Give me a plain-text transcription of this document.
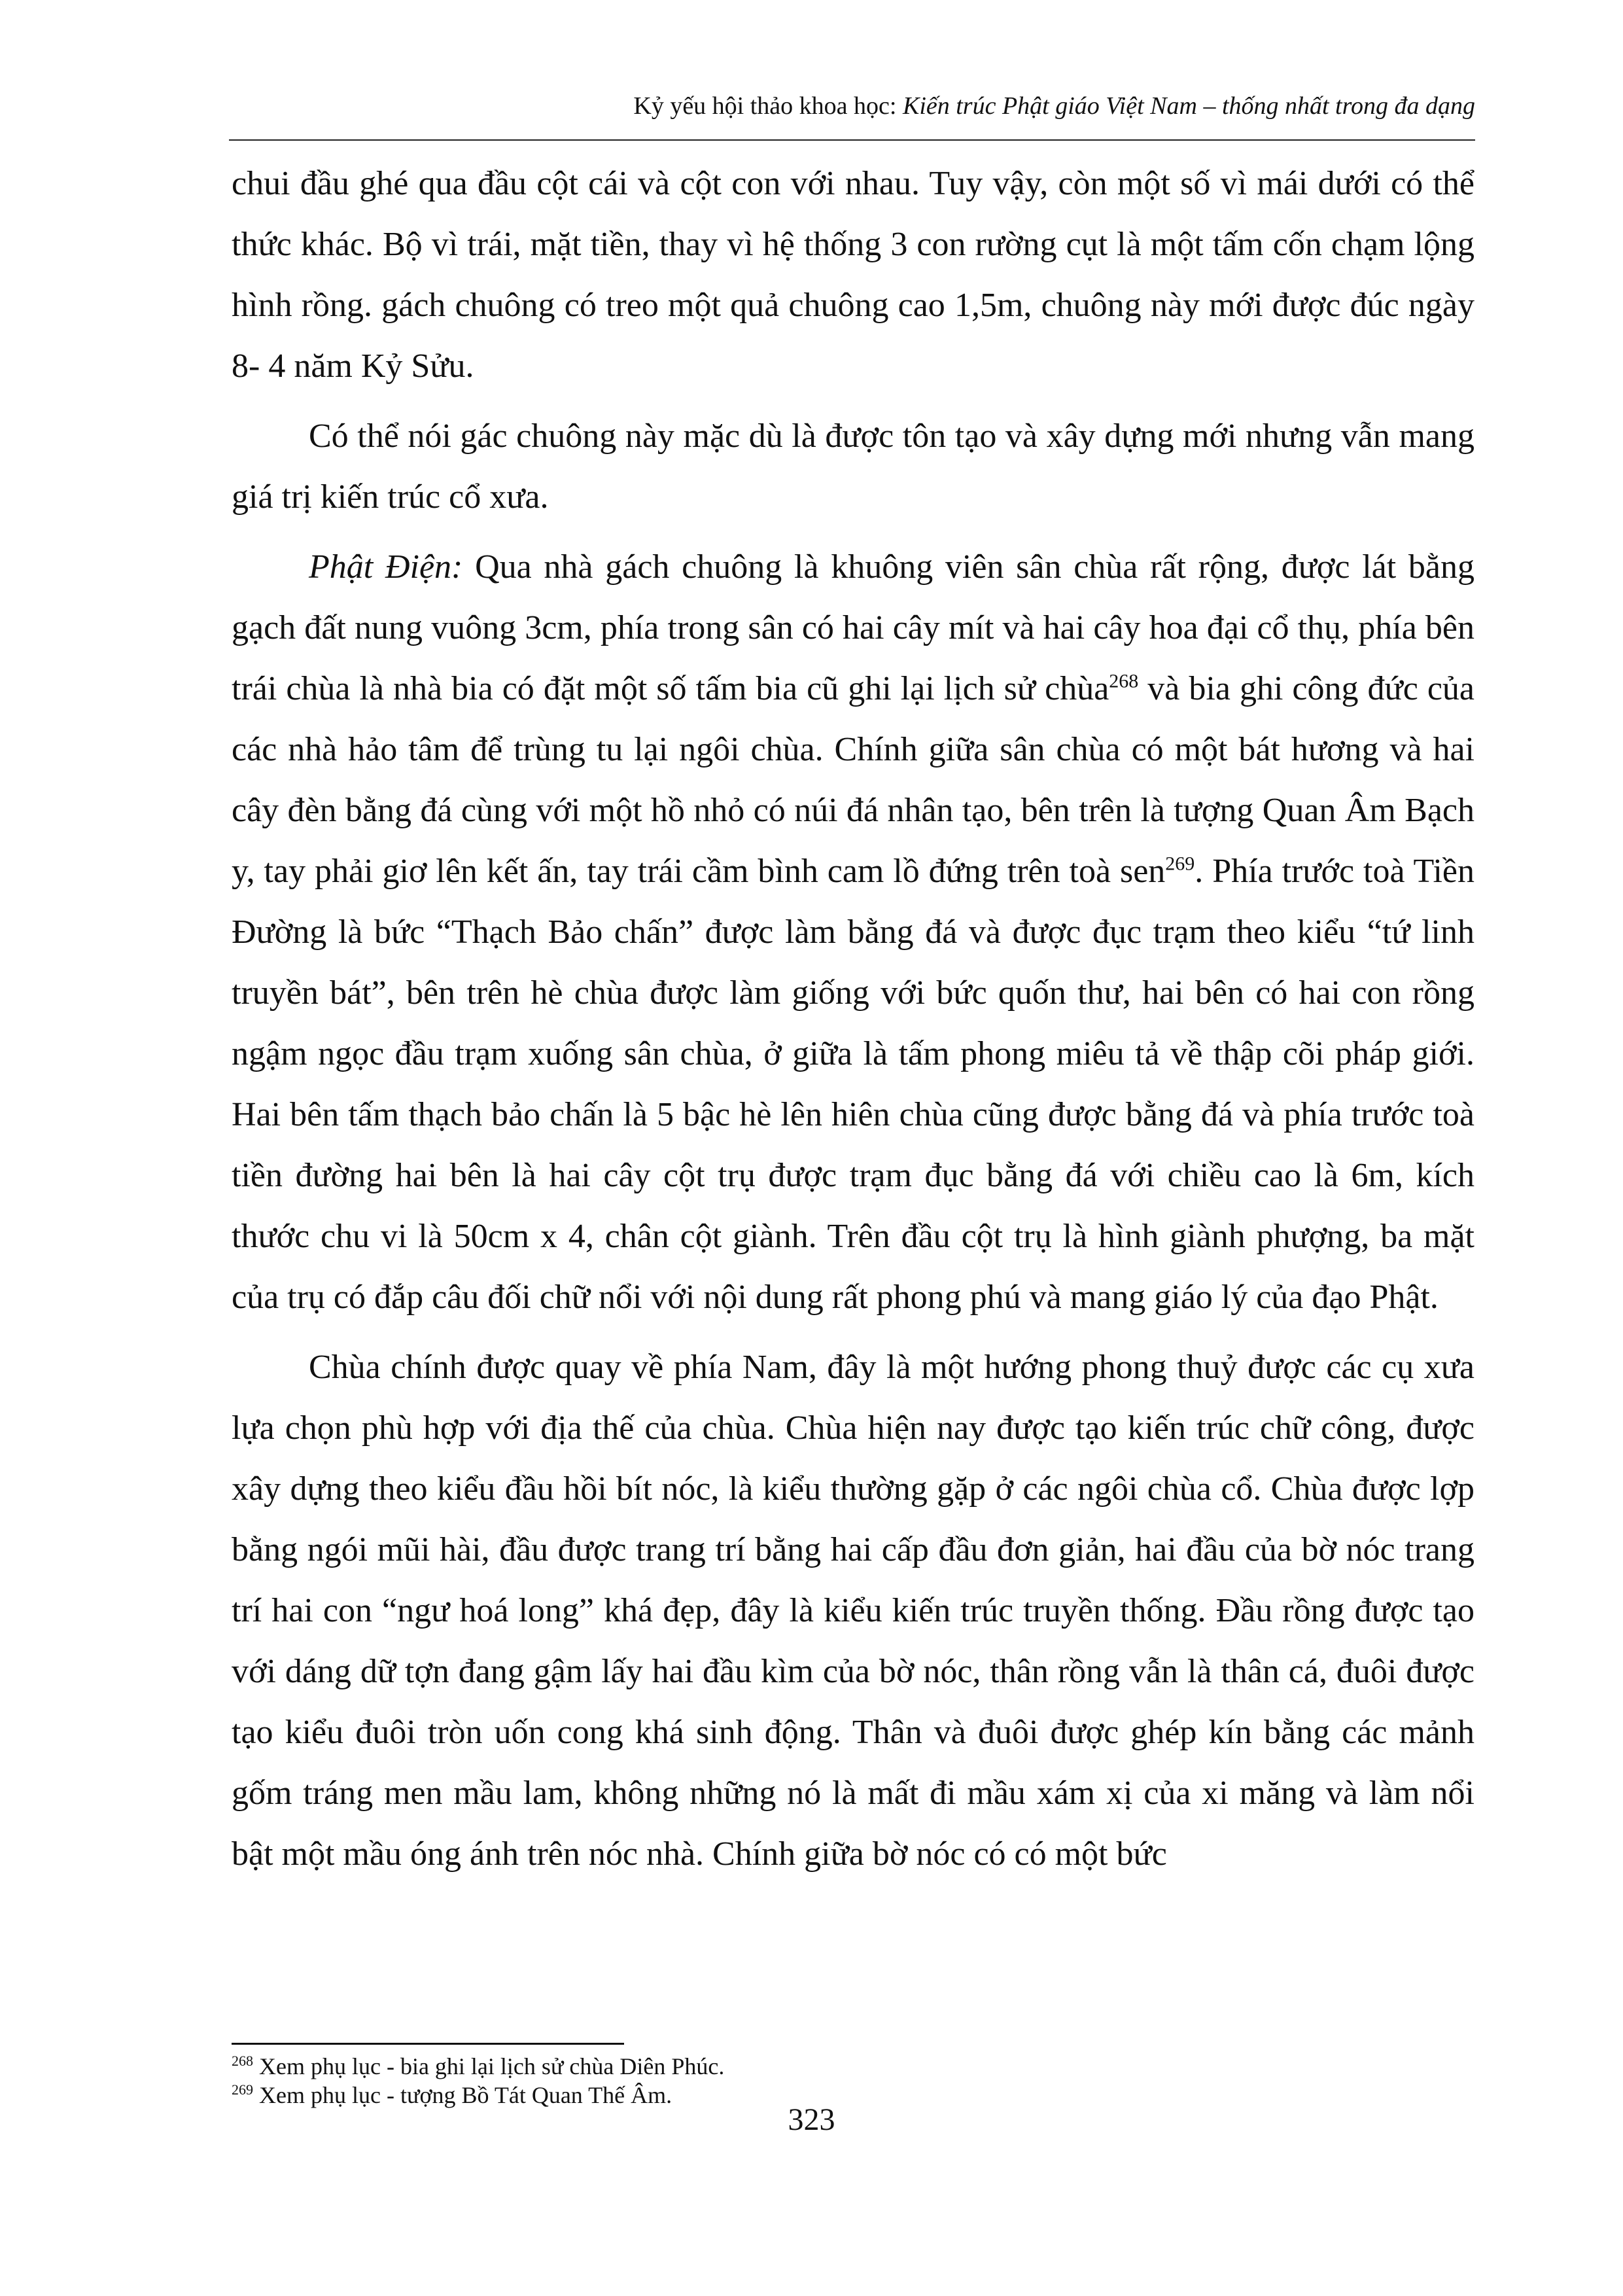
Kỷ yếu hội thảo khoa học: Kiến trúc Phật giáo Việt Nam – thống nhất trong đa dạng

chui đầu ghé qua đầu cột cái và cột con với nhau. Tuy vậy, còn một số vì mái dưới có thể thức khác. Bộ vì trái, mặt tiền, thay vì hệ thống 3 con rường cụt là một tấm cốn chạm lộng hình rồng. gách chuông có treo một quả chuông cao 1,5m, chuông này mới được đúc ngày 8- 4 năm Kỷ Sửu.

Có thể nói gác chuông này mặc dù là được tôn tạo và xây dựng mới nhưng vẫn mang giá trị kiến trúc cổ xưa.

Phật Điện: Qua nhà gách chuông là khuông viên sân chùa rất rộng, được lát bằng gạch đất nung vuông 3cm, phía trong sân có hai cây mít và hai cây hoa đại cổ thụ, phía bên trái chùa là nhà bia có đặt một số tấm bia cũ ghi lại lịch sử chùa$^{268}$ và bia ghi công đức của các nhà hảo tâm để trùng tu lại ngôi chùa. Chính giữa sân chùa có một bát hương và hai cây đèn bằng đá cùng với một hồ nhỏ có núi đá nhân tạo, bên trên là tượng Quan Âm Bạch y, tay phải giơ lên kết ấn, tay trái cầm bình cam lồ đứng trên toà sen$^{269}$. Phía trước toà Tiền Đường là bức “Thạch Bảo chấn” được làm bằng đá và được đục trạm theo kiểu “tứ linh truyền bát”, bên trên hè chùa được làm giống với bức quốn thư, hai bên có hai con rồng ngậm ngọc đầu trạm xuống sân chùa, ở giữa là tấm phong miêu tả về thập cõi pháp giới. Hai bên tấm thạch bảo chấn là 5 bậc hè lên hiên chùa cũng được bằng đá và phía trước toà tiền đường hai bên là hai cây cột trụ được trạm đục bằng đá với chiều cao là 6m, kích thước chu vi là 50cm x 4, chân cột giành. Trên đầu cột trụ là hình giành phượng, ba mặt của trụ có đắp câu đối chữ nổi với nội dung rất phong phú và mang giáo lý của đạo Phật.

Chùa chính được quay về phía Nam, đây là một hướng phong thuỷ được các cụ xưa lựa chọn phù hợp với địa thế của chùa. Chùa hiện nay được tạo kiến trúc chữ công, được xây dựng theo kiểu đầu hồi bít nóc, là kiểu thường gặp ở các ngôi chùa cổ. Chùa được lợp bằng ngói mũi hài, đầu được trang trí bằng hai cấp đầu đơn giản, hai đầu của bờ nóc trang trí hai con “ngư hoá long” khá đẹp, đây là kiểu kiến trúc truyền thống. Đầu rồng được tạo với dáng dữ tợn đang gậm lấy hai đầu kìm của bờ nóc, thân rồng vẫn là thân cá, đuôi được tạo kiểu đuôi tròn uốn cong khá sinh động. Thân và đuôi được ghép kín bằng các mảnh gốm tráng men mầu lam, không những nó là mất đi mầu xám xị của xi măng và làm nổi bật một mầu óng ánh trên nóc nhà. Chính giữa bờ nóc có có một bức

$^{268}$ Xem phụ lục - bia ghi lại lịch sử chùa Diên Phúc.
$^{269}$ Xem phụ lục - tượng Bồ Tát Quan Thế Âm.
323
